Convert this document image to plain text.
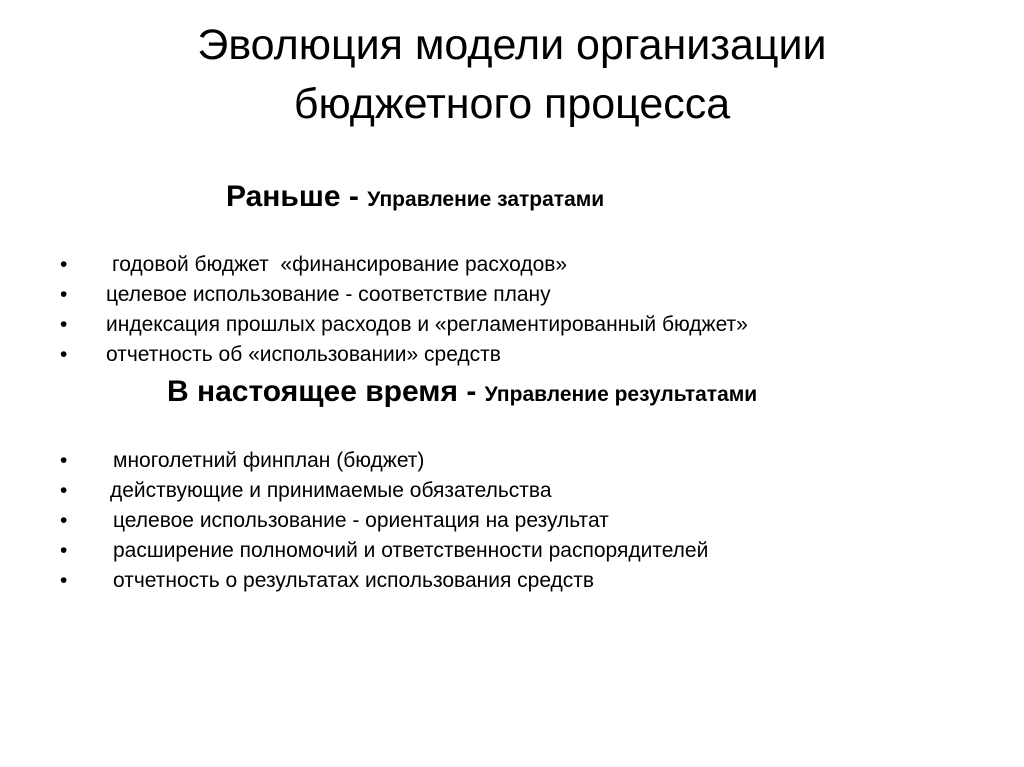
Эволюция модели организации
бюджетного процесса
Раньше - Управление затратами
• годовой бюджет  «финансирование расходов»
• целевое использование - соответствие плану
• индексация прошлых расходов и «регламентированный бюджет»
• отчетность об «использовании» средств
В настоящее время - Управление результатами
• многолетний финплан (бюджет)
• действующие и принимаемые обязательства
• целевое использование - ориентация на результат
• расширение полномочий и ответственности распорядителей
• отчетность о результатах использования средств
